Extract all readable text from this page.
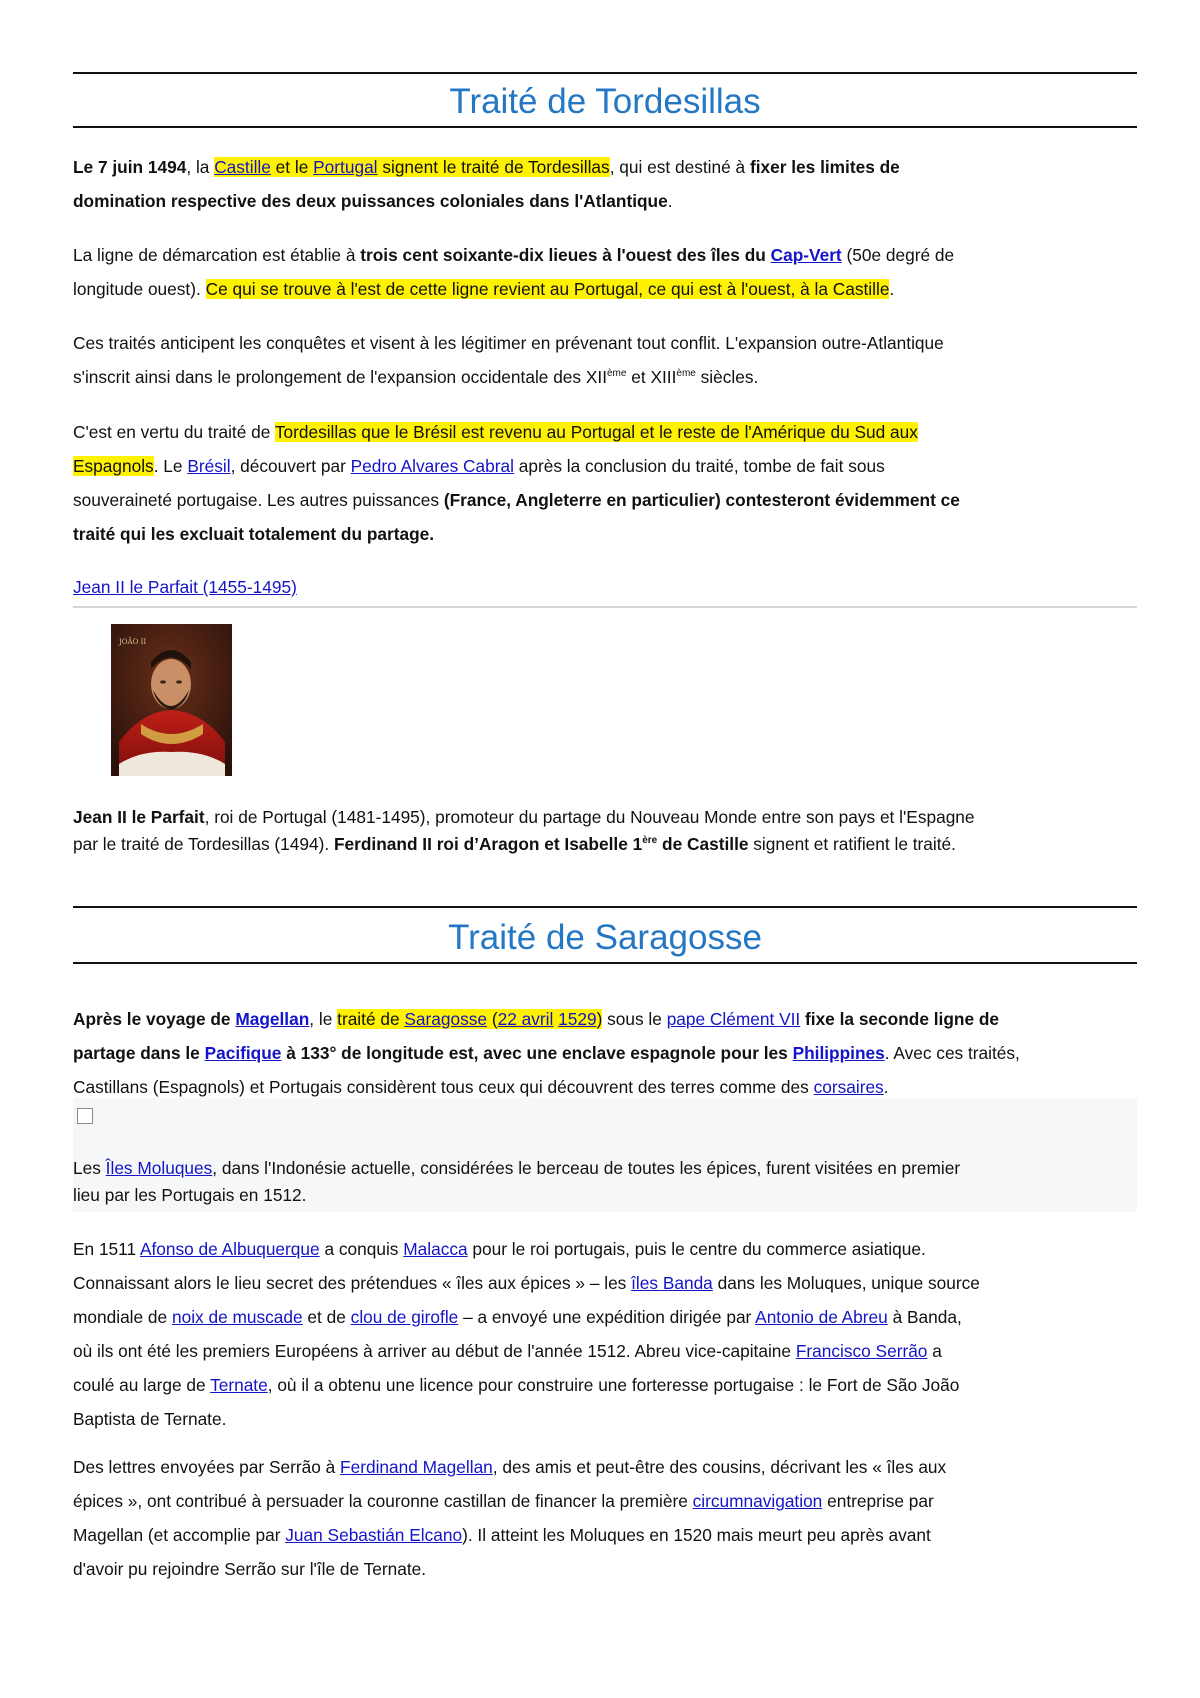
Traité de Tordesillas

Le 7 juin 1494, la Castille et le Portugal signent le traité de Tordesillas, qui est destiné à fixer les limites de
domination respective des deux puissances coloniales dans l'Atlantique.

La ligne de démarcation est établie à trois cent soixante-dix lieues à l'ouest des îles du Cap-Vert (50e degré de
longitude ouest). Ce qui se trouve à l'est de cette ligne revient au Portugal, ce qui est à l'ouest, à la Castille.

Ces traités anticipent les conquêtes et visent à les légitimer en prévenant tout conflit. L'expansion outre-Atlantique
s'inscrit ainsi dans le prolongement de l'expansion occidentale des XIIème et XIIIème siècles.

C'est en vertu du traité de Tordesillas que le Brésil est revenu au Portugal et le reste de l'Amérique du Sud aux
Espagnols. Le Brésil, découvert par Pedro Alvares Cabral après la conclusion du traité, tombe de fait sous
souveraineté portugaise. Les autres puissances (France, Angleterre en particulier) contesteront évidemment ce
traité qui les excluait totalement du partage.

Jean II le Parfait (1455-1495)

JOÃO II

Jean II le Parfait, roi de Portugal (1481-1495), promoteur du partage du Nouveau Monde entre son pays et l'Espagne
par le traité de Tordesillas (1494). Ferdinand II roi d’Aragon et Isabelle 1ère de Castille signent et ratifient le traité.

Traité de Saragosse

Après le voyage de Magellan, le traité de Saragosse (22 avril 1529) sous le pape Clément VII fixe la seconde ligne de
partage dans le Pacifique à 133° de longitude est, avec une enclave espagnole pour les Philippines. Avec ces traités,
Castillans (Espagnols) et Portugais considèrent tous ceux qui découvrent des terres comme des corsaires.

Les Îles Moluques, dans l'Indonésie actuelle, considérées le berceau de toutes les épices, furent visitées en premier
lieu par les Portugais en 1512.

En 1511 Afonso de Albuquerque a conquis Malacca pour le roi portugais, puis le centre du commerce asiatique.
Connaissant alors le lieu secret des prétendues « îles aux épices » – les îles Banda dans les Moluques, unique source
mondiale de noix de muscade et de clou de girofle – a envoyé une expédition dirigée par Antonio de Abreu à Banda,
où ils ont été les premiers Européens à arriver au début de l'année 1512. Abreu vice-capitaine Francisco Serrão a
coulé au large de Ternate, où il a obtenu une licence pour construire une forteresse portugaise : le Fort de São João
Baptista de Ternate.

Des lettres envoyées par Serrão à Ferdinand Magellan, des amis et peut-être des cousins, décrivant les « îles aux
épices », ont contribué à persuader la couronne castillan de financer la première circumnavigation entreprise par
Magellan (et accomplie par Juan Sebastián Elcano). Il atteint les Moluques en 1520 mais meurt peu après avant
d'avoir pu rejoindre Serrão sur l'île de Ternate.
